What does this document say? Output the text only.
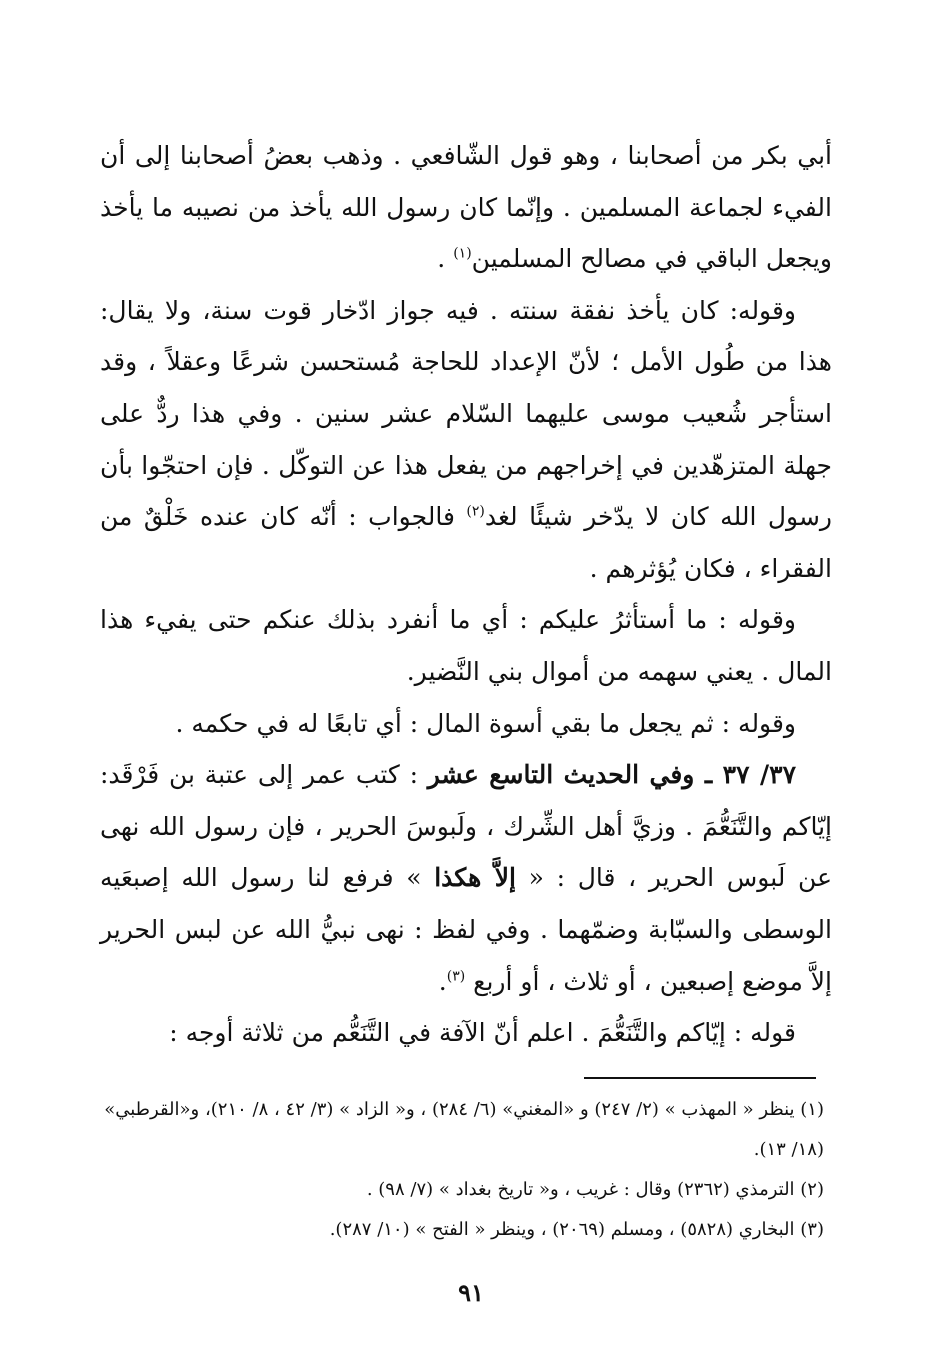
أبي بكر من أصحابنا ، وهو قول الشّافعي . وذهب بعضُ أصحابنا إلى أن الفيء لجماعة المسلمين . وإنّما كان رسول الله يأخذ من نصيبه ما يأخذ ويجعل الباقي في مصالح المسلمين$^{(١)}$ .

وقوله: كان يأخذ نفقة سنته . فيه جواز ادّخار قوت سنة، ولا يقال: هذا من طُول الأمل ؛ لأنّ الإعداد للحاجة مُستحسن شرعًا وعقلاً ، وقد استأجر شُعيب موسى عليهما السّلام عشر سنين . وفي هذا ردٌّ على جهلة المتزهّدين في إخراجهم من يفعل هذا عن التوكّل . فإن احتجّوا بأن رسول الله كان لا يدّخر شيئًا لغد$^{(٢)}$ فالجواب : أنّه كان عنده خَلْقٌ من الفقراء ، فكان يُؤثرهم .

وقوله : ما أستأثرُ عليكم : أي ما أنفرد بذلك عنكم حتى يفيء هذا المال . يعني سهمه من أموال بني النَّضير.

وقوله : ثم يجعل ما بقي أسوة المال : أي تابعًا له في حكمه .

٣٧/ ٣٧ ـ وفي الحديث التاسع عشر : كتب عمر إلى عتبة بن فَرْقَد: إيّاكم والتَّنَعُّمَ . وزيَّ أهل الشِّرك ، ولَبوسَ الحرير ، فإن رسول الله نهى عن لَبوس الحرير ، قال : « إلاَّ هكذا » فرفع لنا رسول الله إصبعَيه الوسطى والسبّابة وضمّهما . وفي لفظ : نهى نبيُّ الله عن لبس الحرير إلاَّ موضع إصبعين ، أو ثلاث ، أو أربع $^{(٣)}$.

قوله : إيّاكم والتَّنَعُّمَ . اعلم أنّ الآفة في التَّنَعُّم من ثلاثة أوجه :

(١) ينظر « المهذب » (٢/ ٢٤٧) و «المغني» (٦/ ٢٨٤) ، و« الزاد » (٣/ ٤٢ ، ٨/ ٢١٠)، و«القرطبي» (١٨/ ١٣).

(٢) الترمذي (٢٣٦٢) وقال : غريب ، و« تاريخ بغداد » (٧/ ٩٨) .

(٣) البخاري (٥٨٢٨) ، ومسلم (٢٠٦٩) ، وينظر « الفتح » (١٠/ ٢٨٧).

٩١
